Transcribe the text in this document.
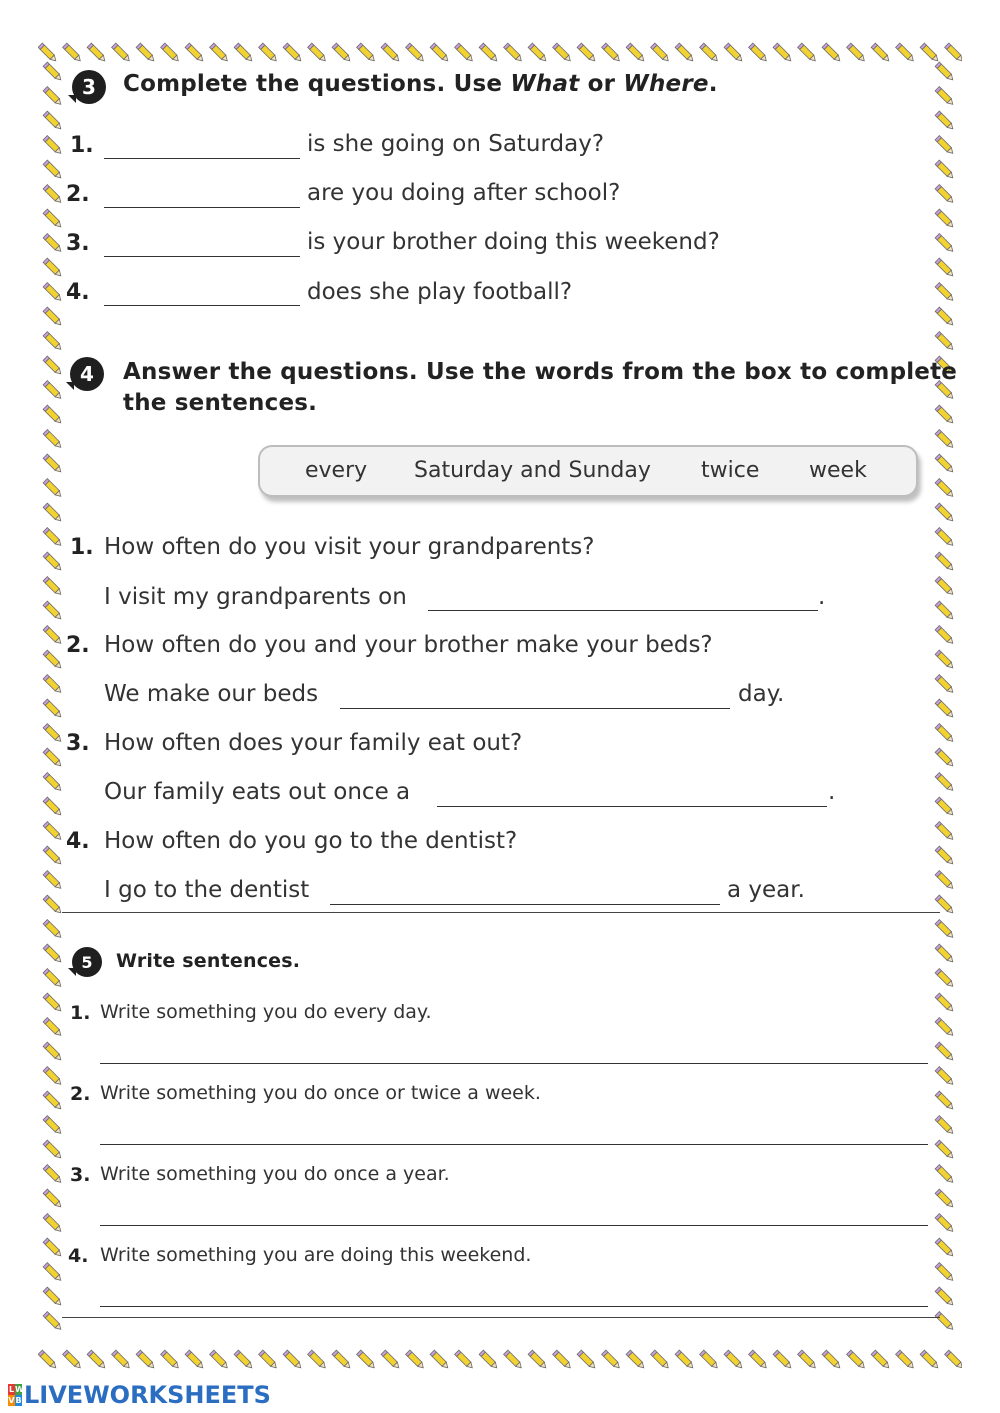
3 Complete the questions. Use What or Where.
1.	is she going on Saturday?
2.	are you doing after school?
3.	is your brother doing this weekend?
4.	does she play football?
4 Answer the questions. Use the words from the box to complete
the sentences.
every Saturday and Sunday twice week
1. How often do you visit your grandparents?
I visit my grandparents on	.
2. How often do you and your brother make your beds?
We make our beds	day.
3. How often does your family eat out?
Our family eats out once a	.
4. How often do you go to the dentist?
I go to the dentist	a year.
5 Write sentences.
1. Write something you do every day.
2. Write something you do once or twice a week.
3. Write something you do once a year.
4. Write something you are doing this weekend.
L W
V B LIVEWORKSHEETS
